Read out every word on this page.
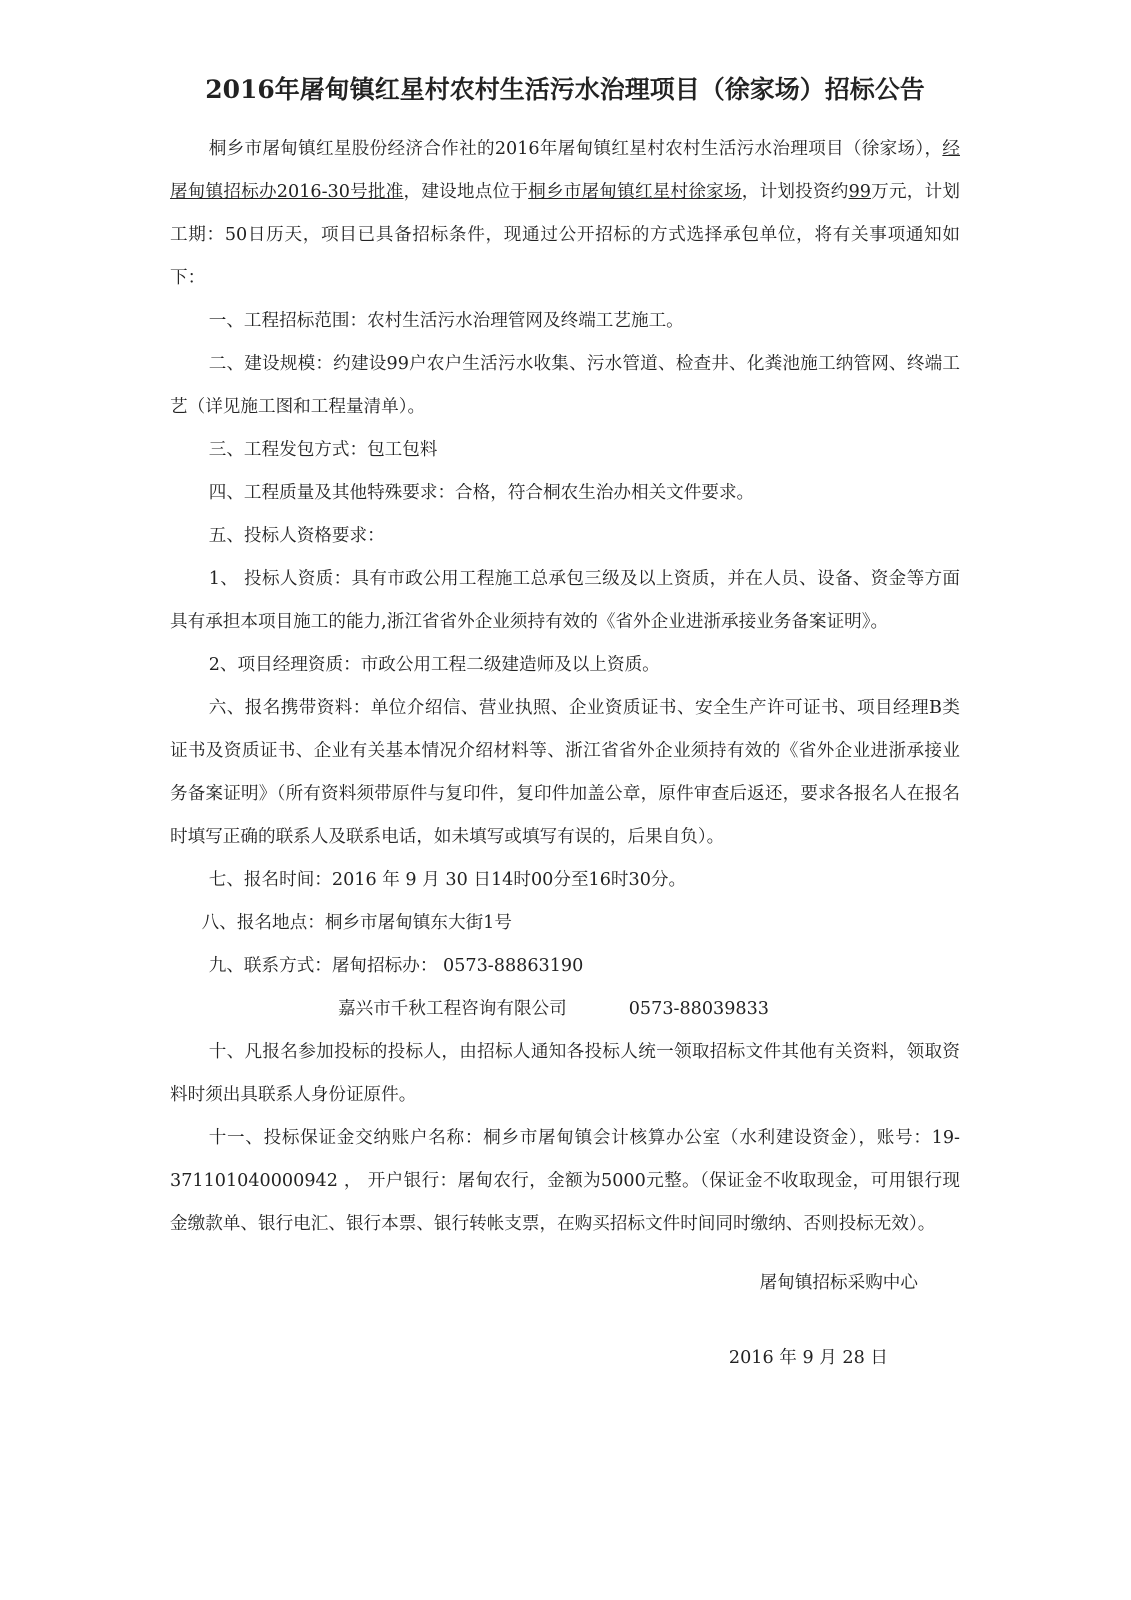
2016年屠甸镇红星村农村生活污水治理项目（徐家场）招标公告

桐乡市屠甸镇红星股份经济合作社的2016年屠甸镇红星村农村生活污水治理项目（徐家场），经屠甸镇招标办2016-30号批准，建设地点位于桐乡市屠甸镇红星村徐家场，计划投资约99万元，计划工期：50日历天，项目已具备招标条件，现通过公开招标的方式选择承包单位，将有关事项通知如下：

一、工程招标范围：农村生活污水治理管网及终端工艺施工。

二、建设规模：约建设99户农户生活污水收集、污水管道、检查井、化粪池施工纳管网、终端工艺（详见施工图和工程量清单）。

三、工程发包方式：包工包料

四、工程质量及其他特殊要求：合格，符合桐农生治办相关文件要求。

五、投标人资格要求：

1、 投标人资质：具有市政公用工程施工总承包三级及以上资质，并在人员、设备、资金等方面具有承担本项目施工的能力,浙江省省外企业须持有效的《省外企业进浙承接业务备案证明》。

2、项目经理资质：市政公用工程二级建造师及以上资质。

六、报名携带资料：单位介绍信、营业执照、企业资质证书、安全生产许可证书、项目经理B类证书及资质证书、企业有关基本情况介绍材料等、浙江省省外企业须持有效的《省外企业进浙承接业务备案证明》（所有资料须带原件与复印件，复印件加盖公章，原件审查后返还，要求各报名人在报名时填写正确的联系人及联系电话，如未填写或填写有误的，后果自负）。

七、报名时间：2016 年 9 月 30 日14时00分至16时30分。

八、报名地点：桐乡市屠甸镇东大街1号

九、联系方式：屠甸招标办： 0573-88863190

嘉兴市千秋工程咨询有限公司	0573-88039833

十、凡报名参加投标的投标人，由招标人通知各投标人统一领取招标文件其他有关资料，领取资料时须出具联系人身份证原件。

十一、投标保证金交纳账户名称：桐乡市屠甸镇会计核算办公室（水利建设资金），账号：19-371101040000942 ， 开户银行：屠甸农行，金额为5000元整。（保证金不收取现金，可用银行现金缴款单、银行电汇、银行本票、银行转帐支票，在购买招标文件时间同时缴纳、否则投标无效）。

屠甸镇招标采购中心
2016 年 9 月 28 日
